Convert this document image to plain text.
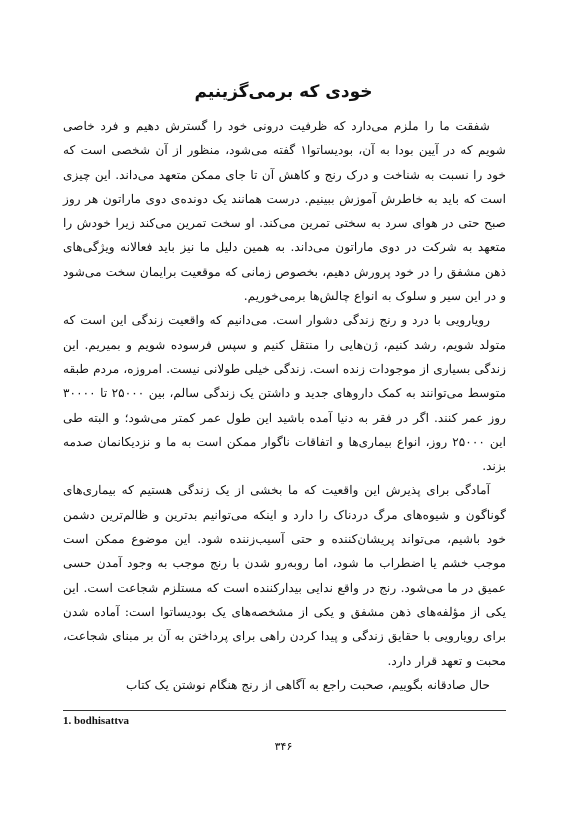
خودی که برمی‌گزینیم

شفقت ما را ملزم می‌دارد که ظرفیت درونی خود را گسترش دهیم و فرد خاصی شویم که در آیین بودا به آن، بودیساتوا۱ گفته می‌شود، منظور از آن شخصی است که خود را نسبت به شناخت و درک رنج و کاهش آن تا جای ممکن متعهد می‌داند. این چیزی است که باید به خاطرش آموزش ببینیم. درست همانند یک دونده‌ی دوی ماراتون هر روز صبح حتی در هوای سرد به سختی تمرین می‌کند. او سخت تمرین می‌کند زیرا خودش را متعهد به شرکت در دوی ماراتون می‌داند. به همین دلیل ما نیز باید فعالانه ویژگی‌های ذهن مشفق را در خود پرورش دهیم، بخصوص زمانی که موقعیت برایمان سخت می‌شود و در این سیر و سلوک به انواع چالش‌ها برمی‌خوریم.

رویارویی با درد و رنج زندگی دشوار است. می‌دانیم که واقعیت زندگی این است که متولد شویم، رشد کنیم، ژن‌هایی را منتقل کنیم و سپس فرسوده شویم و بمیریم. این زندگی بسیاری از موجودات زنده است. زندگی خیلی طولانی نیست. امروزه، مردم طبقه متوسط می‌توانند به کمک داروهای جدید و داشتن یک زندگی سالم، بین ۲۵۰۰۰ تا ۳۰۰۰۰ روز عمر کنند. اگر در فقر به دنیا آمده باشید این طول عمر کمتر می‌شود؛ و البته طی این ۲۵۰۰۰ روز، انواع بیماری‌ها و اتفاقات ناگوار ممکن است به ما و نزدیکانمان صدمه بزند.

آمادگی برای پذیرش این واقعیت که ما بخشی از یک زندگی هستیم که بیماری‌های گوناگون و شیوه‌های مرگ دردناک را دارد و اینکه می‌توانیم بدترین و ظالم‌ترین دشمن خود باشیم، می‌تواند پریشان‌کننده و حتی آسیب‌زننده شود. این موضوع ممکن است موجب خشم یا اضطراب ما شود، اما روبه‌رو شدن با رنج موجب به وجود آمدن حسی عمیق در ما می‌شود. رنج در واقع ندایی بیدارکننده است که مستلزم شجاعت است. این یکی از مؤلفه‌های ذهن مشفق و یکی از مشخصه‌های یک بودیساتوا است: آماده شدن برای رویارویی با حقایق زندگی و پیدا کردن راهی برای پرداختن به آن بر مبنای شجاعت، محبت و تعهد قرار دارد.

حال صادقانه بگوییم، صحبت راجع به آگاهی از رنج هنگام نوشتن یک کتاب

1. bodhisattva
۳۴۶
